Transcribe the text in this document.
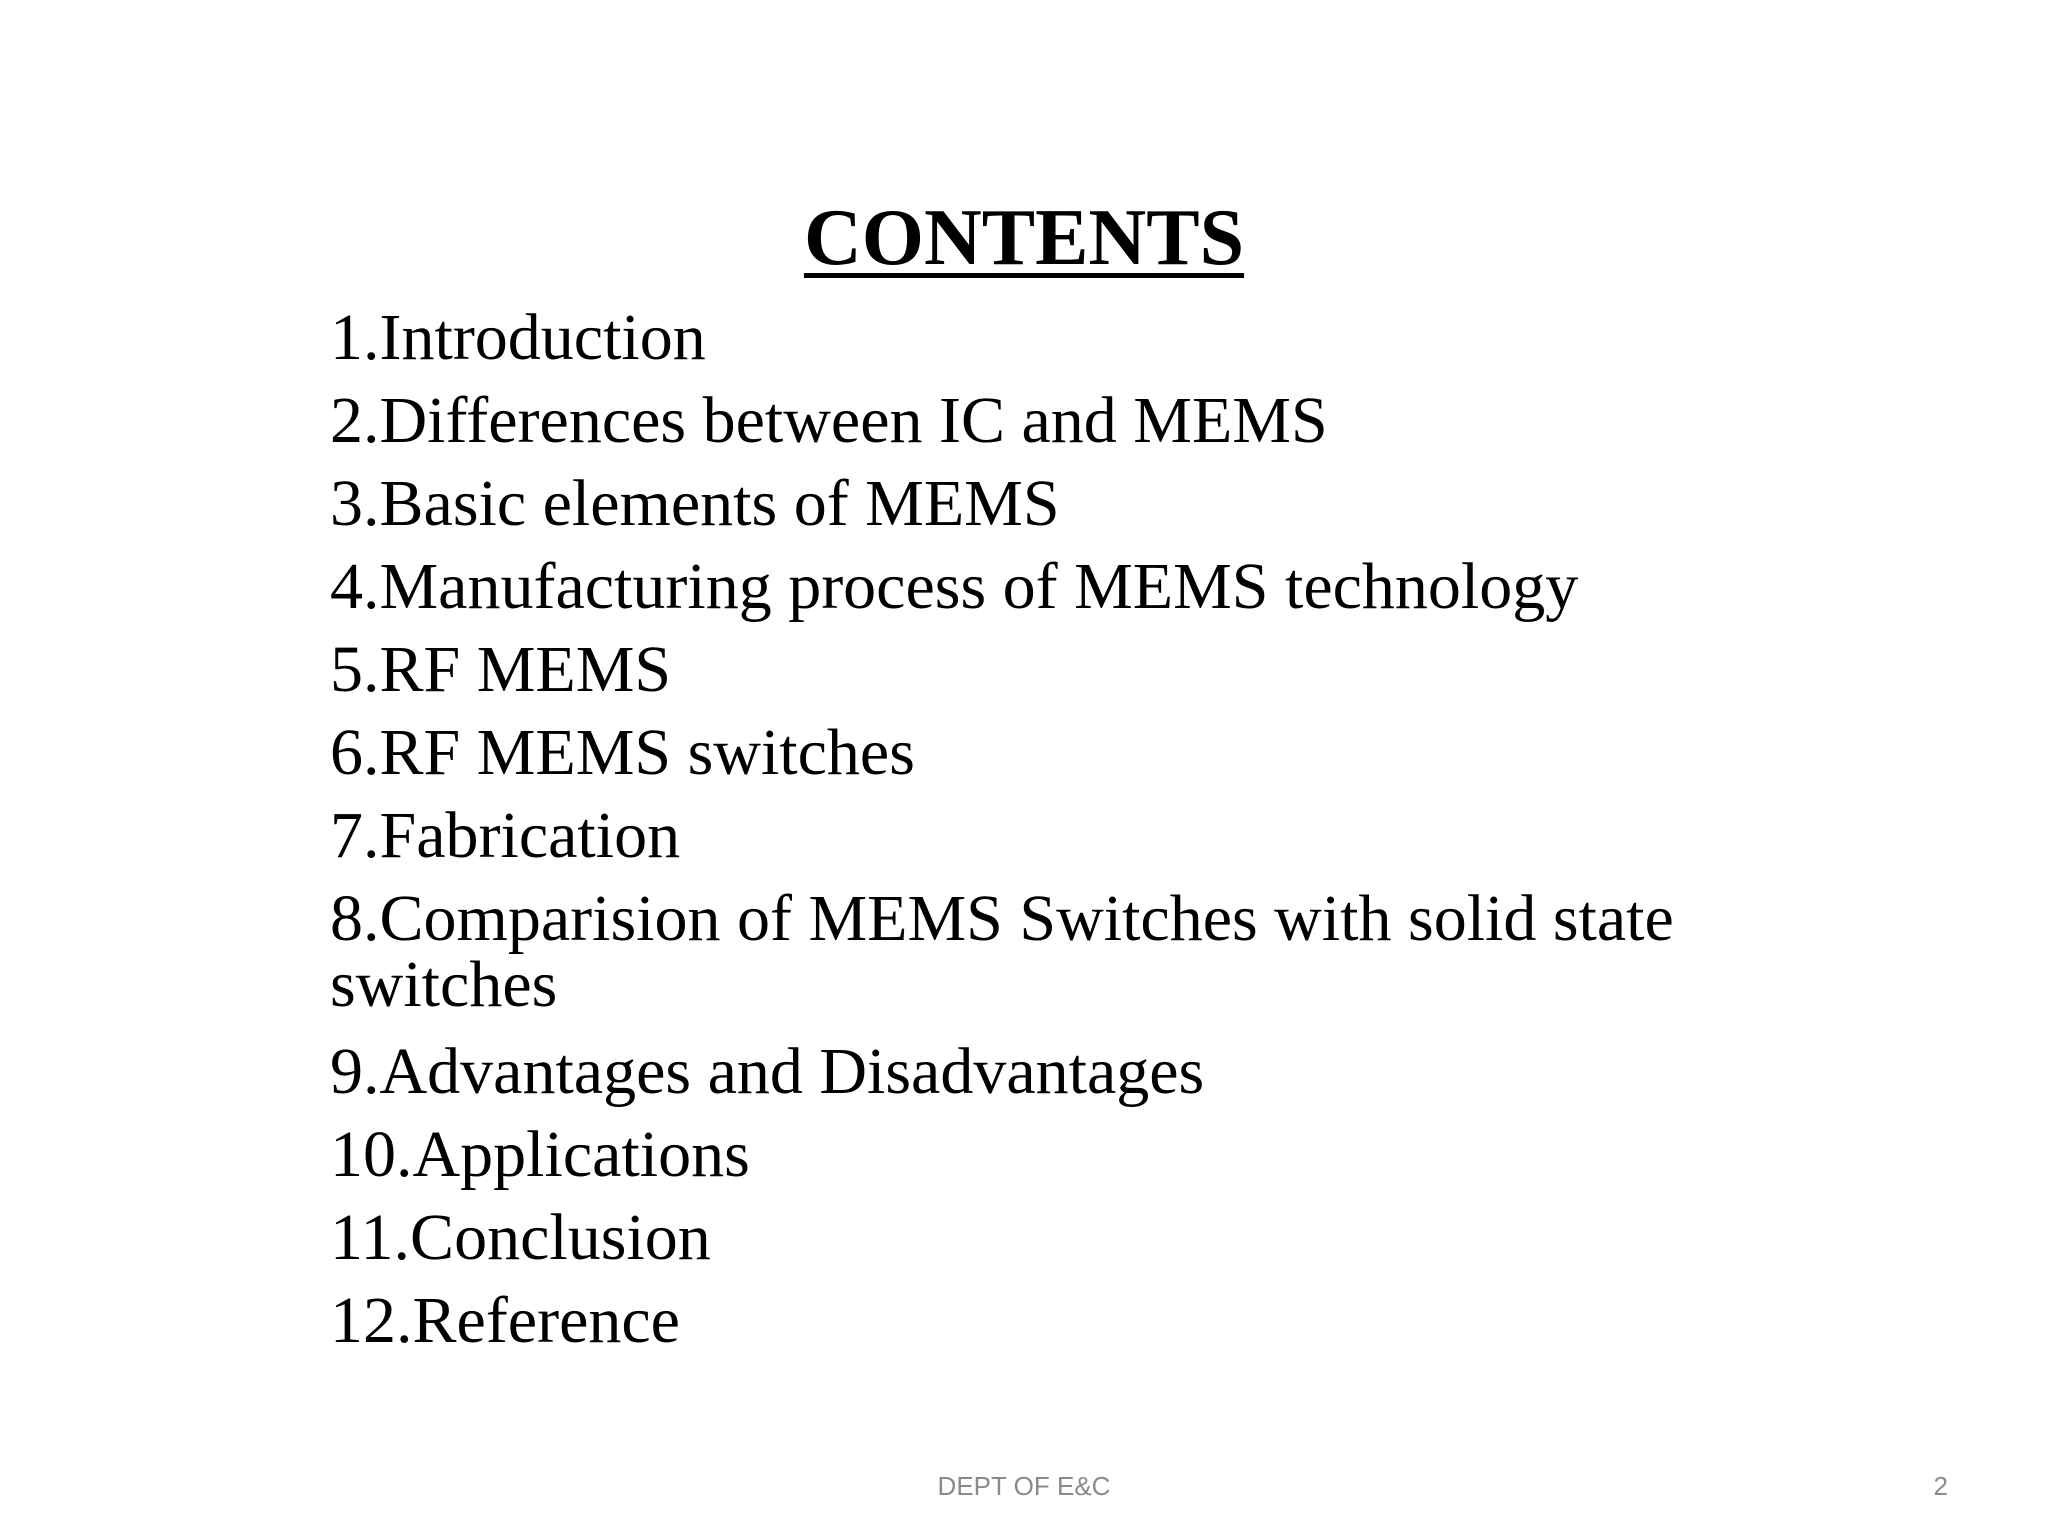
CONTENTS
1.Introduction
2.Differences between IC and MEMS
3.Basic elements of MEMS
4.Manufacturing process of MEMS technology
5.RF MEMS
6.RF MEMS switches
7.Fabrication
8.Comparision of MEMS Switches with solid state switches
9.Advantages and Disadvantages
10.Applications
11.Conclusion
12.Reference
DEPT OF E&C	2
